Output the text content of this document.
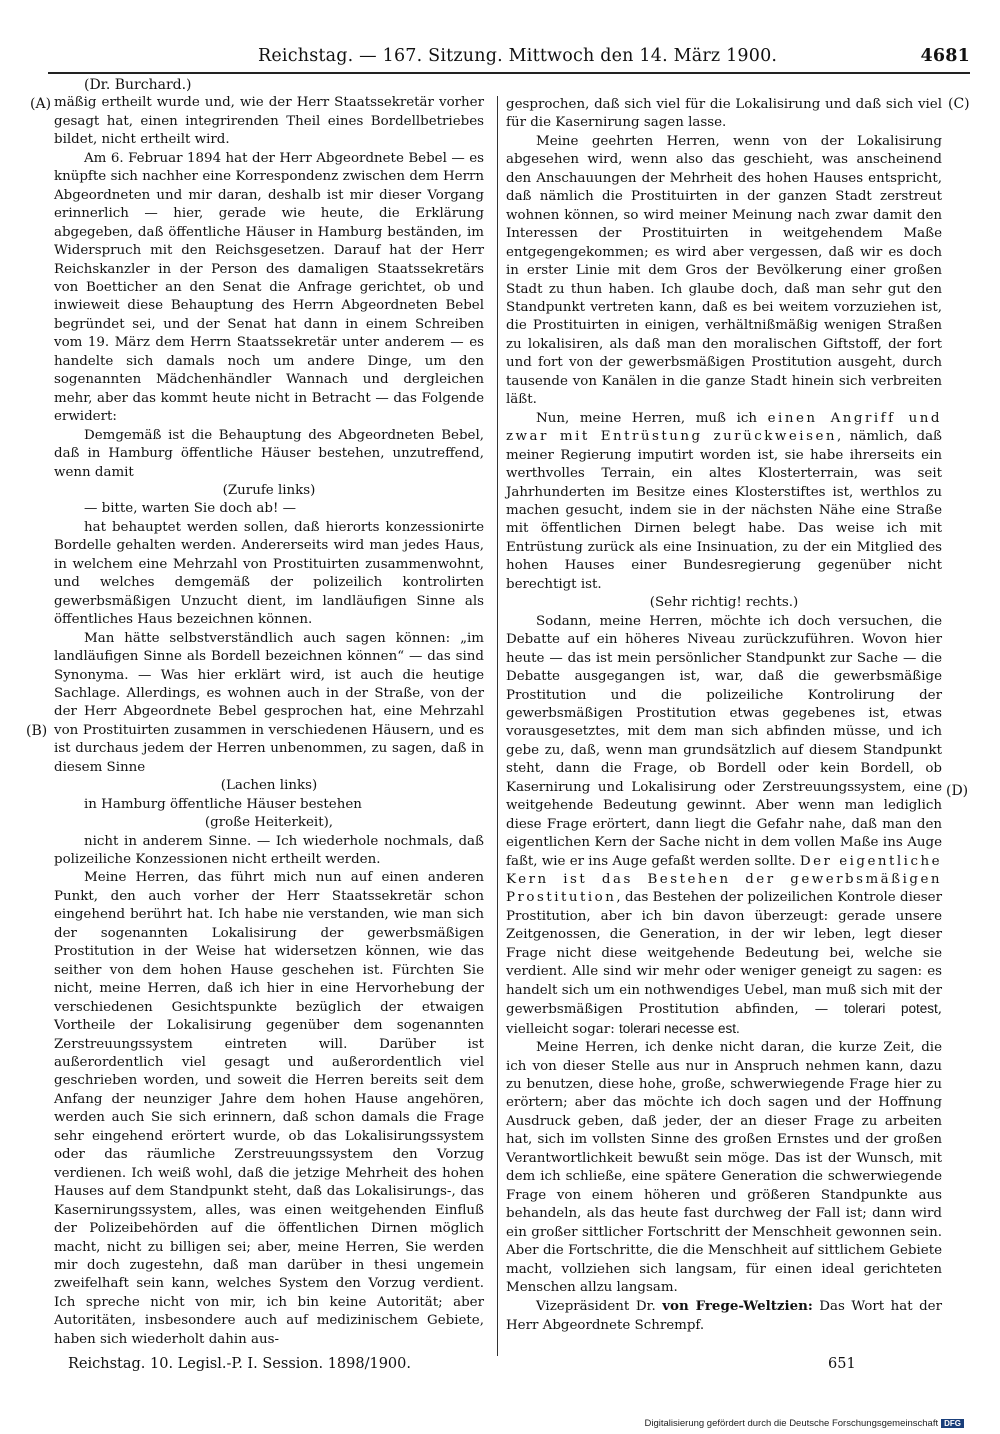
Reichstag. — 167. Sitzung. Mittwoch den 14. März 1900.	4681
(A)
(B)
(C)
(D)

(Dr. Burchard.)

mäßig ertheilt wurde und, wie der Herr Staatssekretär vorher gesagt hat, einen integrirenden Theil eines Bordellbetriebes bildet, nicht ertheilt wird.

Am 6. Februar 1894 hat der Herr Abgeordnete Bebel — es knüpfte sich nachher eine Korrespondenz zwischen dem Herrn Abgeordneten und mir daran, deshalb ist mir dieser Vorgang erinnerlich — hier, gerade wie heute, die Erklärung abgegeben, daß öffentliche Häuser in Hamburg beständen, im Widerspruch mit den Reichsgesetzen. Darauf hat der Herr Reichskanzler in der Person des damaligen Staatssekretärs von Boetticher an den Senat die Anfrage gerichtet, ob und inwieweit diese Behauptung des Herrn Abgeordneten Bebel begründet sei, und der Senat hat dann in einem Schreiben vom 19. März dem Herrn Staatssekretär unter anderem — es handelte sich damals noch um andere Dinge, um den sogenannten Mädchenhändler Wannach und dergleichen mehr, aber das kommt heute nicht in Betracht — das Folgende erwidert:

Demgemäß ist die Behauptung des Abgeordneten Bebel, daß in Hamburg öffentliche Häuser bestehen, unzutreffend, wenn damit

(Zurufe links)

— bitte, warten Sie doch ab! —

hat behauptet werden sollen, daß hierorts konzessionirte Bordelle gehalten werden. Andererseits wird man jedes Haus, in welchem eine Mehrzahl von Prostituirten zusammenwohnt, und welches demgemäß der polizeilich kontrolirten gewerbsmäßigen Unzucht dient, im landläufigen Sinne als öffentliches Haus bezeichnen können.

Man hätte selbstverständlich auch sagen können: „im landläufigen Sinne als Bordell bezeichnen können“ — das sind Synonyma. — Was hier erklärt wird, ist auch die heutige Sachlage. Allerdings, es wohnen auch in der Straße, von der der Herr Abgeordnete Bebel gesprochen hat, eine Mehrzahl von Prostituirten zusammen in verschiedenen Häusern, und es ist durchaus jedem der Herren unbenommen, zu sagen, daß in diesem Sinne

(Lachen links)

in Hamburg öffentliche Häuser bestehen

(große Heiterkeit),

nicht in anderem Sinne. — Ich wiederhole nochmals, daß polizeiliche Konzessionen nicht ertheilt werden.

Meine Herren, das führt mich nun auf einen anderen Punkt, den auch vorher der Herr Staatssekretär schon eingehend berührt hat. Ich habe nie verstanden, wie man sich der sogenannten Lokalisirung der gewerbsmäßigen Prostitution in der Weise hat widersetzen können, wie das seither von dem hohen Hause geschehen ist. Fürchten Sie nicht, meine Herren, daß ich hier in eine Hervorhebung der verschiedenen Gesichtspunkte bezüglich der etwaigen Vortheile der Lokalisirung gegenüber dem sogenannten Zerstreuungssystem eintreten will. Darüber ist außerordentlich viel gesagt und außerordentlich viel geschrieben worden, und soweit die Herren bereits seit dem Anfang der neunziger Jahre dem hohen Hause angehören, werden auch Sie sich erinnern, daß schon damals die Frage sehr eingehend erörtert wurde, ob das Lokalisirungssystem oder das räumliche Zerstreuungssystem den Vorzug verdienen. Ich weiß wohl, daß die jetzige Mehrheit des hohen Hauses auf dem Standpunkt steht, daß das Lokalisirungs-, das Kasernirungssystem, alles, was einen weitgehenden Einfluß der Polizeibehörden auf die öffentlichen Dirnen möglich macht, nicht zu billigen sei; aber, meine Herren, Sie werden mir doch zugestehn, daß man darüber in thesi ungemein zweifelhaft sein kann, welches System den Vorzug verdient. Ich spreche nicht von mir, ich bin keine Autorität; aber Autoritäten, insbesondere auch auf medizinischem Gebiete, haben sich wiederholt dahin aus-

gesprochen, daß sich viel für die Lokalisirung und daß sich viel für die Kasernirung sagen lasse.

Meine geehrten Herren, wenn von der Lokalisirung abgesehen wird, wenn also das geschieht, was anscheinend den Anschauungen der Mehrheit des hohen Hauses entspricht, daß nämlich die Prostituirten in der ganzen Stadt zerstreut wohnen können, so wird meiner Meinung nach zwar damit den Interessen der Prostituirten in weitgehendem Maße entgegengekommen; es wird aber vergessen, daß wir es doch in erster Linie mit dem Gros der Bevölkerung einer großen Stadt zu thun haben. Ich glaube doch, daß man sehr gut den Standpunkt vertreten kann, daß es bei weitem vorzuziehen ist, die Prostituirten in einigen, verhältnißmäßig wenigen Straßen zu lokalisiren, als daß man den moralischen Giftstoff, der fort und fort von der gewerbsmäßigen Prostitution ausgeht, durch tausende von Kanälen in die ganze Stadt hinein sich verbreiten läßt.

Nun, meine Herren, muß ich einen Angriff und zwar mit Entrüstung zurückweisen, nämlich, daß meiner Regierung imputirt worden ist, sie habe ihrerseits ein werthvolles Terrain, ein altes Klosterterrain, was seit Jahrhunderten im Besitze eines Klosterstiftes ist, werthlos zu machen gesucht, indem sie in der nächsten Nähe eine Straße mit öffentlichen Dirnen belegt habe. Das weise ich mit Entrüstung zurück als eine Insinuation, zu der ein Mitglied des hohen Hauses einer Bundesregierung gegenüber nicht berechtigt ist.

(Sehr richtig! rechts.)

Sodann, meine Herren, möchte ich doch versuchen, die Debatte auf ein höheres Niveau zurückzuführen. Wovon hier heute — das ist mein persönlicher Standpunkt zur Sache — die Debatte ausgegangen ist, war, daß die gewerbsmäßige Prostitution und die polizeiliche Kontrolirung der gewerbsmäßigen Prostitution etwas gegebenes ist, etwas vorausgesetztes, mit dem man sich abfinden müsse, und ich gebe zu, daß, wenn man grundsätzlich auf diesem Standpunkt steht, dann die Frage, ob Bordell oder kein Bordell, ob Kasernirung und Lokalisirung oder Zerstreuungssystem, eine weitgehende Bedeutung gewinnt. Aber wenn man lediglich diese Frage erörtert, dann liegt die Gefahr nahe, daß man den eigentlichen Kern der Sache nicht in dem vollen Maße ins Auge faßt, wie er ins Auge gefaßt werden sollte. Der eigentliche Kern ist das Bestehen der gewerbsmäßigen Prostitution, das Bestehen der polizeilichen Kontrole dieser Prostitution, aber ich bin davon überzeugt: gerade unsere Zeitgenossen, die Generation, in der wir leben, legt dieser Frage nicht diese weitgehende Bedeutung bei, welche sie verdient. Alle sind wir mehr oder weniger geneigt zu sagen: es handelt sich um ein nothwendiges Uebel, man muß sich mit der gewerbsmäßigen Prostitution abfinden, — tolerari potest, vielleicht sogar: tolerari necesse est.

Meine Herren, ich denke nicht daran, die kurze Zeit, die ich von dieser Stelle aus nur in Anspruch nehmen kann, dazu zu benutzen, diese hohe, große, schwerwiegende Frage hier zu erörtern; aber das möchte ich doch sagen und der Hoffnung Ausdruck geben, daß jeder, der an dieser Frage zu arbeiten hat, sich im vollsten Sinne des großen Ernstes und der großen Verantwortlichkeit bewußt sein möge. Das ist der Wunsch, mit dem ich schließe, eine spätere Generation die schwerwiegende Frage von einem höheren und größeren Standpunkte aus behandeln, als das heute fast durchweg der Fall ist; dann wird ein großer sittlicher Fortschritt der Menschheit gewonnen sein. Aber die Fortschritte, die die Menschheit auf sittlichem Gebiete macht, vollziehen sich langsam, für einen ideal gerichteten Menschen allzu langsam.

Vizepräsident Dr. von Frege-Weltzien: Das Wort hat der Herr Abgeordnete Schrempf.

Reichstag. 10. Legisl.-P. I. Session. 1898/1900.	651
Digitalisierung gefördert durch die Deutsche Forschungsgemeinschaft DFG
